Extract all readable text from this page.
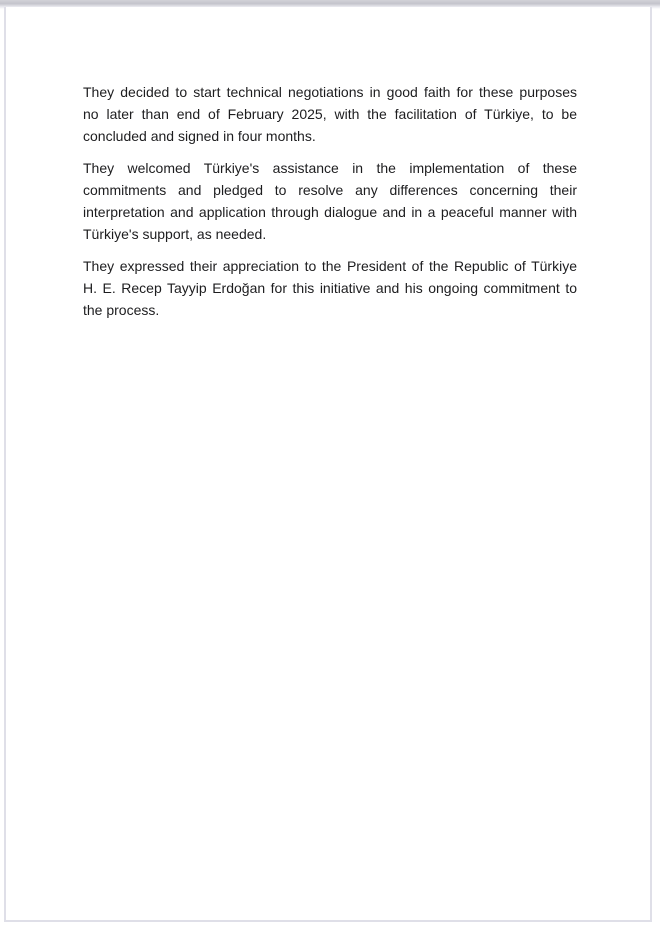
They decided to start technical negotiations in good faith for these purposes
no later than end of February 2025, with the facilitation of Türkiye, to be
concluded and signed in four months.
They welcomed Türkiye's assistance in the implementation of these
commitments and pledged to resolve any differences concerning their
interpretation and application through dialogue and in a peaceful manner with
Türkiye's support, as needed.
They expressed their appreciation to the President of the Republic of Türkiye
H. E. Recep Tayyip Erdoğan for this initiative and his ongoing commitment to
the process.
